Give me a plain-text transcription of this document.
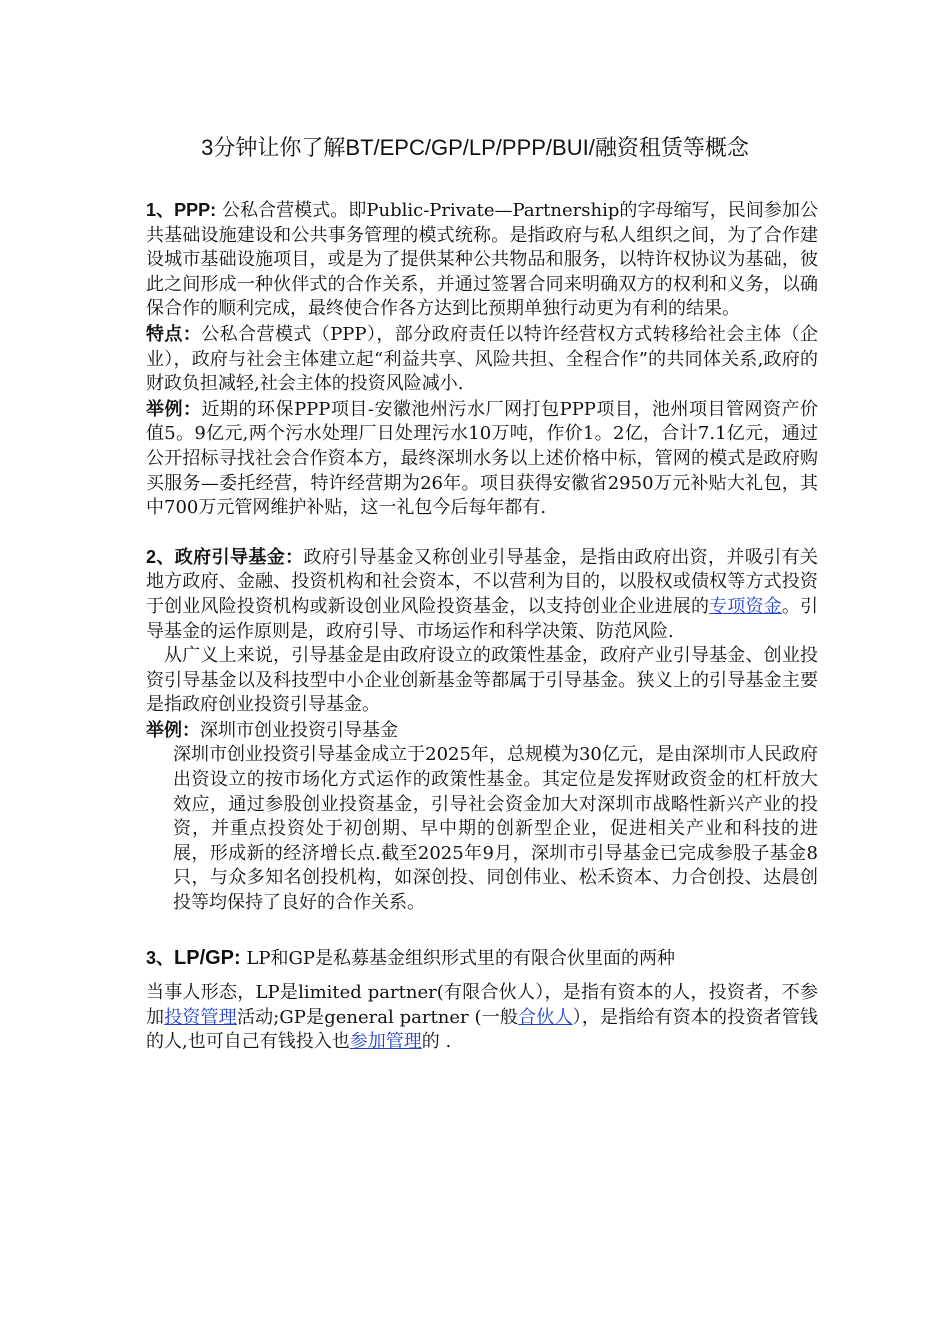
3分钟让你了解BT/EPC/GP/LP/PPP/BUI/融资租赁等概念

1、PPP: 公私合营模式。即Public-Private—Partnership的字母缩写，民间参加公共基础设施建设和公共事务管理的模式统称。是指政府与私人组织之间，为了合作建设城市基础设施项目，或是为了提供某种公共物品和服务，以特许权协议为基础，彼此之间形成一种伙伴式的合作关系，并通过签署合同来明确双方的权利和义务，以确保合作的顺利完成，最终使合作各方达到比预期单独行动更为有利的结果。

特点：公私合营模式（PPP），部分政府责任以特许经营权方式转移给社会主体（企业），政府与社会主体建立起“利益共享、风险共担、全程合作”的共同体关系,政府的财政负担减轻,社会主体的投资风险减小.

举例：近期的环保PPP项目-安徽池州污水厂网打包PPP项目，池州项目管网资产价值5。9亿元,两个污水处理厂日处理污水10万吨，作价1。2亿，合计7.1亿元，通过公开招标寻找社会合作资本方，最终深圳水务以上述价格中标，管网的模式是政府购买服务—委托经营，特许经营期为26年。项目获得安徽省2950万元补贴大礼包，其中700万元管网维护补贴，这一礼包今后每年都有.

2、政府引导基金：政府引导基金又称创业引导基金，是指由政府出资，并吸引有关地方政府、金融、投资机构和社会资本，不以营利为目的，以股权或债权等方式投资于创业风险投资机构或新设创业风险投资基金，以支持创业企业进展的专项资金。引导基金的运作原则是，政府引导、市场运作和科学决策、防范风险.

从广义上来说，引导基金是由政府设立的政策性基金，政府产业引导基金、创业投资引导基金以及科技型中小企业创新基金等都属于引导基金。狭义上的引导基金主要是指政府创业投资引导基金。

举例：深圳市创业投资引导基金

深圳市创业投资引导基金成立于2025年，总规模为30亿元，是由深圳市人民政府出资设立的按市场化方式运作的政策性基金。其定位是发挥财政资金的杠杆放大效应，通过参股创业投资基金，引导社会资金加大对深圳市战略性新兴产业的投资，并重点投资处于初创期、早中期的创新型企业，促进相关产业和科技的进展，形成新的经济增长点.截至2025年9月，深圳市引导基金已完成参股子基金8只，与众多知名创投机构，如深创投、同创伟业、松禾资本、力合创投、达晨创投等均保持了良好的合作关系。

3、LP/GP: LP和GP是私募基金组织形式里的有限合伙里面的两种

当事人形态，LP是limited partner(有限合伙人），是指有资本的人，投资者，不参加投资管理活动;GP是general partner (一般合伙人），是指给有资本的投资者管钱的人,也可自己有钱投入也参加管理的 .
